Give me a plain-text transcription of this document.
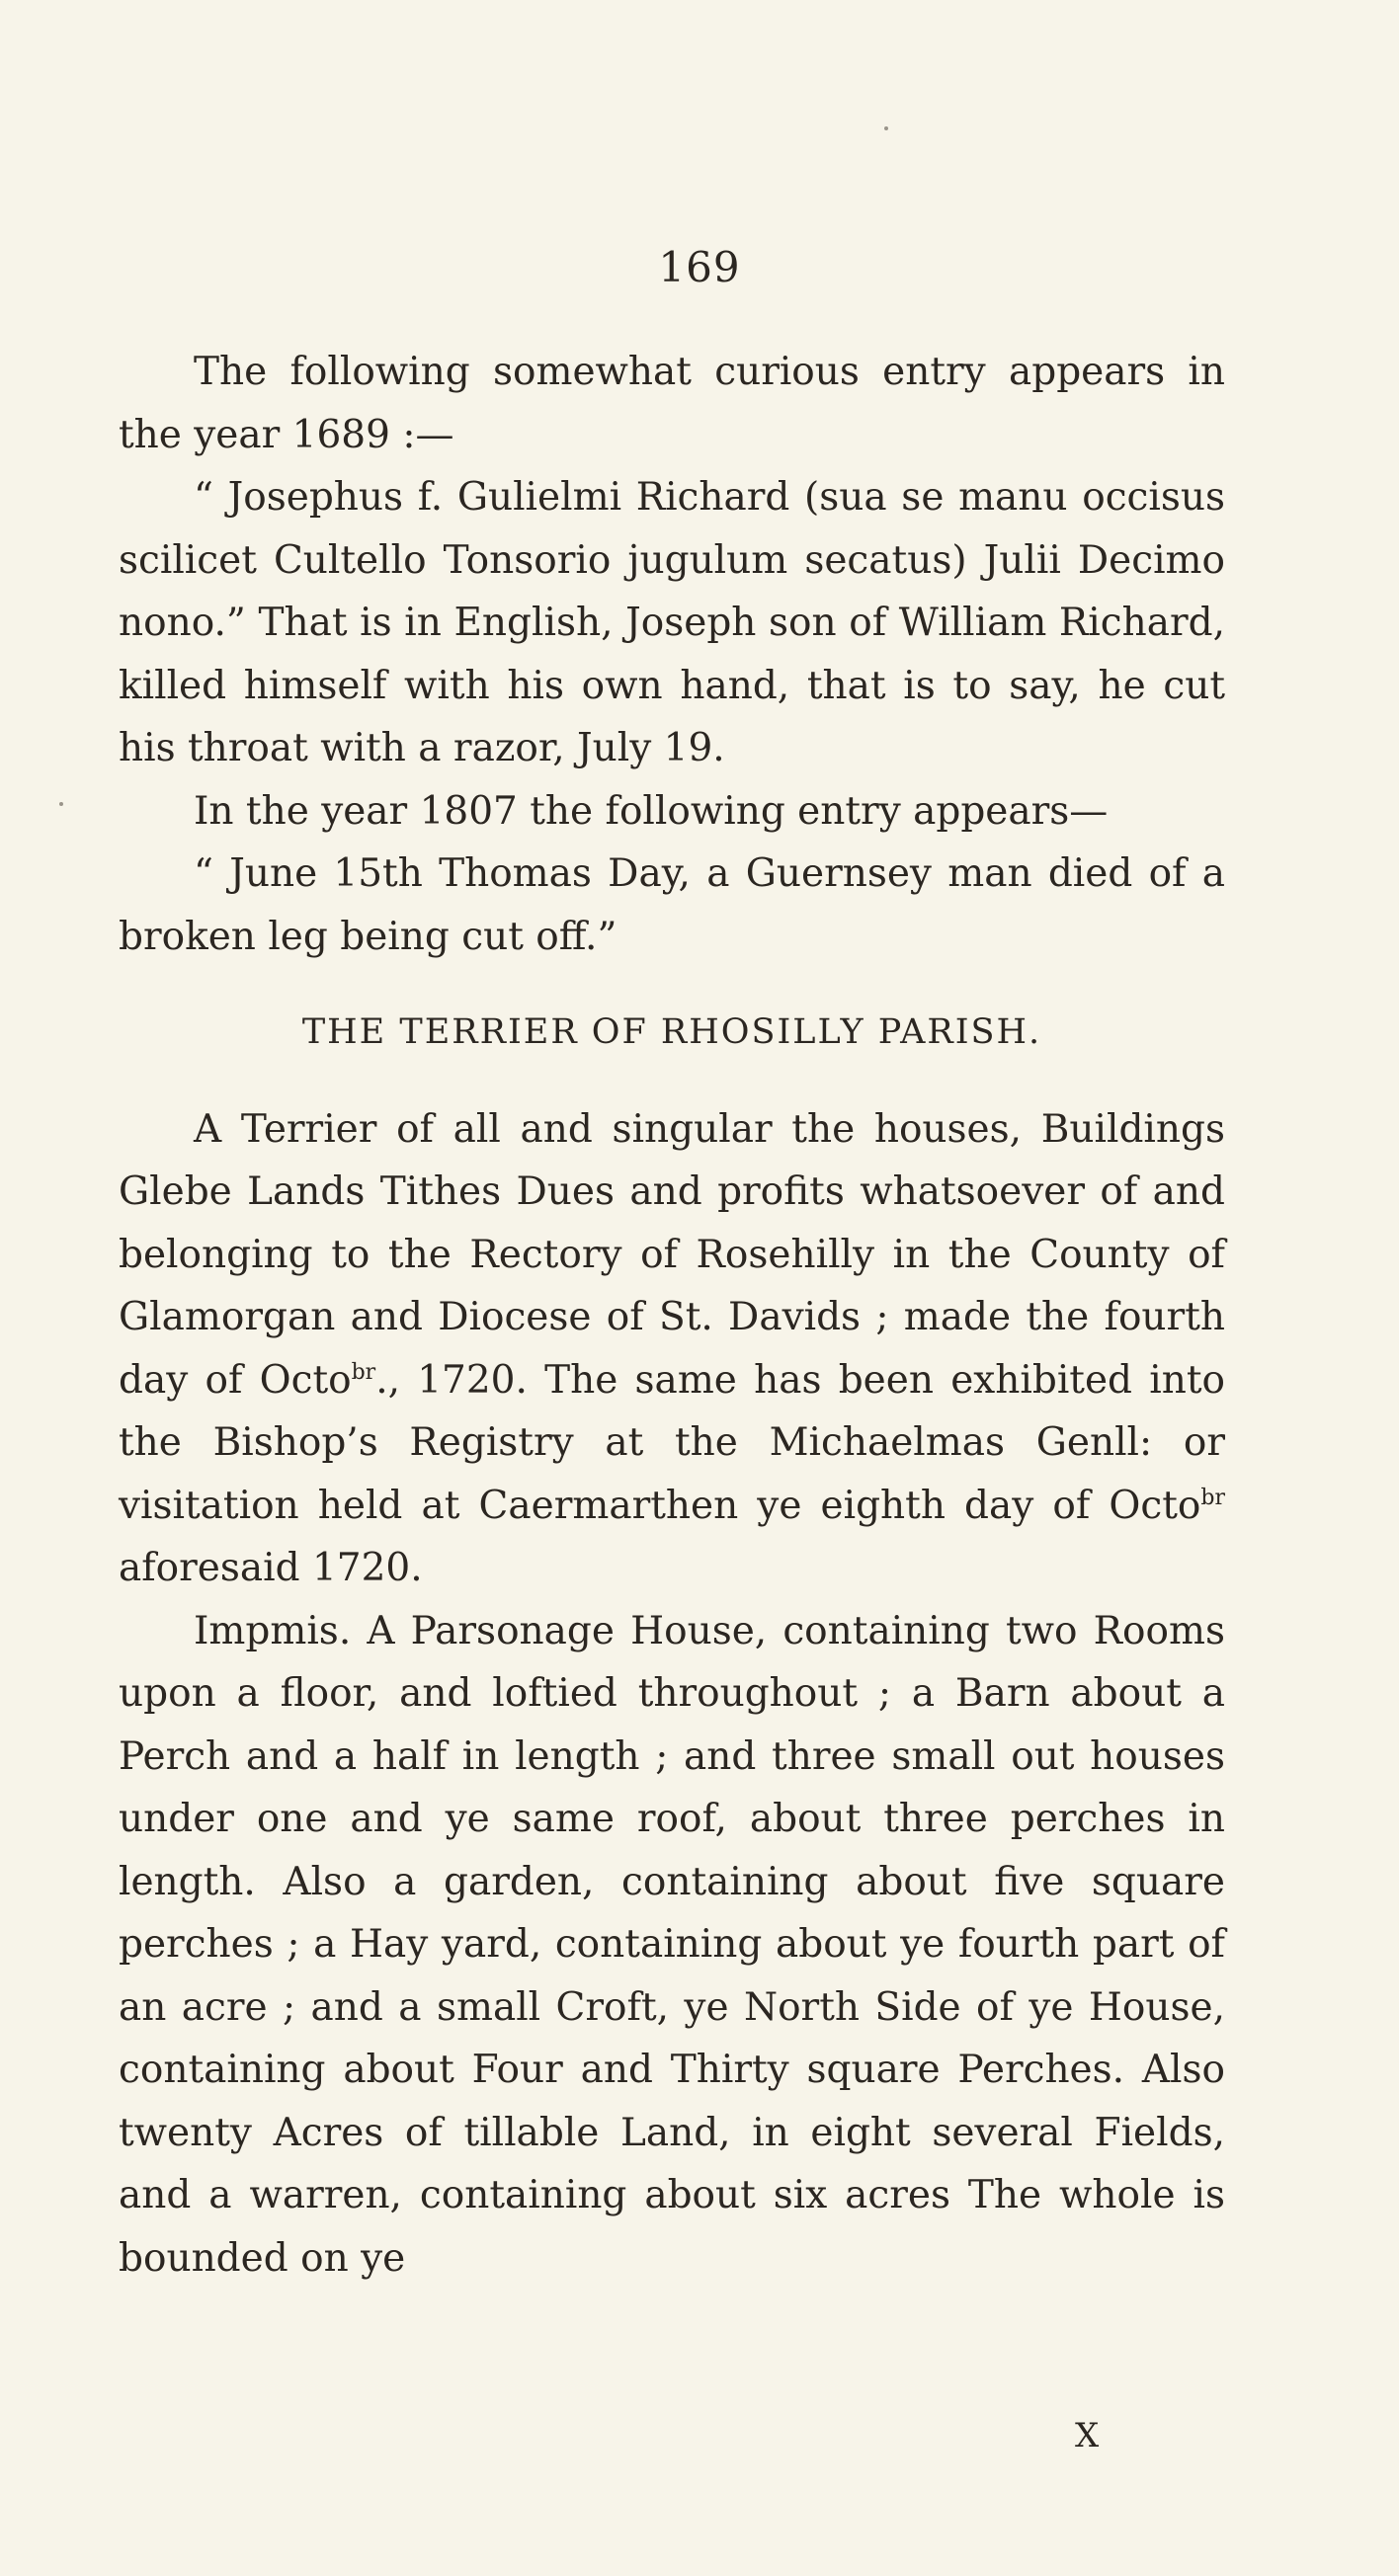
169

The following somewhat curious entry appears in the year 1689 :—

“ Josephus f. Gulielmi Richard (sua se manu occisus scilicet Cultello Tonsorio jugulum secatus) Julii Decimo nono.” That is in English, Joseph son of William Richard, killed himself with his own hand, that is to say, he cut his throat with a razor, July 19.

In the year 1807 the following entry appears—

“ June 15th Thomas Day, a Guernsey man died of a broken leg being cut off.”

THE TERRIER OF RHOSILLY PARISH.

A Terrier of all and singular the houses, Buildings Glebe Lands Tithes Dues and profits whatsoever of and belonging to the Rectory of Rosehilly in the County of Glamorgan and Diocese of St. Davids ; made the fourth day of Octo$^{br}$., 1720. The same has been exhibited into the Bishop’s Registry at the Michaelmas Genll: or visitation held at Caermarthen ye eighth day of Octo$^{br}$ aforesaid 1720.

Impmis. A Parsonage House, containing two Rooms upon a floor, and loftied throughout ; a Barn about a Perch and a half in length ; and three small out houses under one and ye same roof, about three perches in length. Also a garden, containing about five square perches ; a Hay yard, containing about ye fourth part of an acre ; and a small Croft, ye North Side of ye House, containing about Four and Thirty square Perches. Also twenty Acres of tillable Land, in eight several Fields, and a warren, containing about six acres The whole is bounded on ye

X
